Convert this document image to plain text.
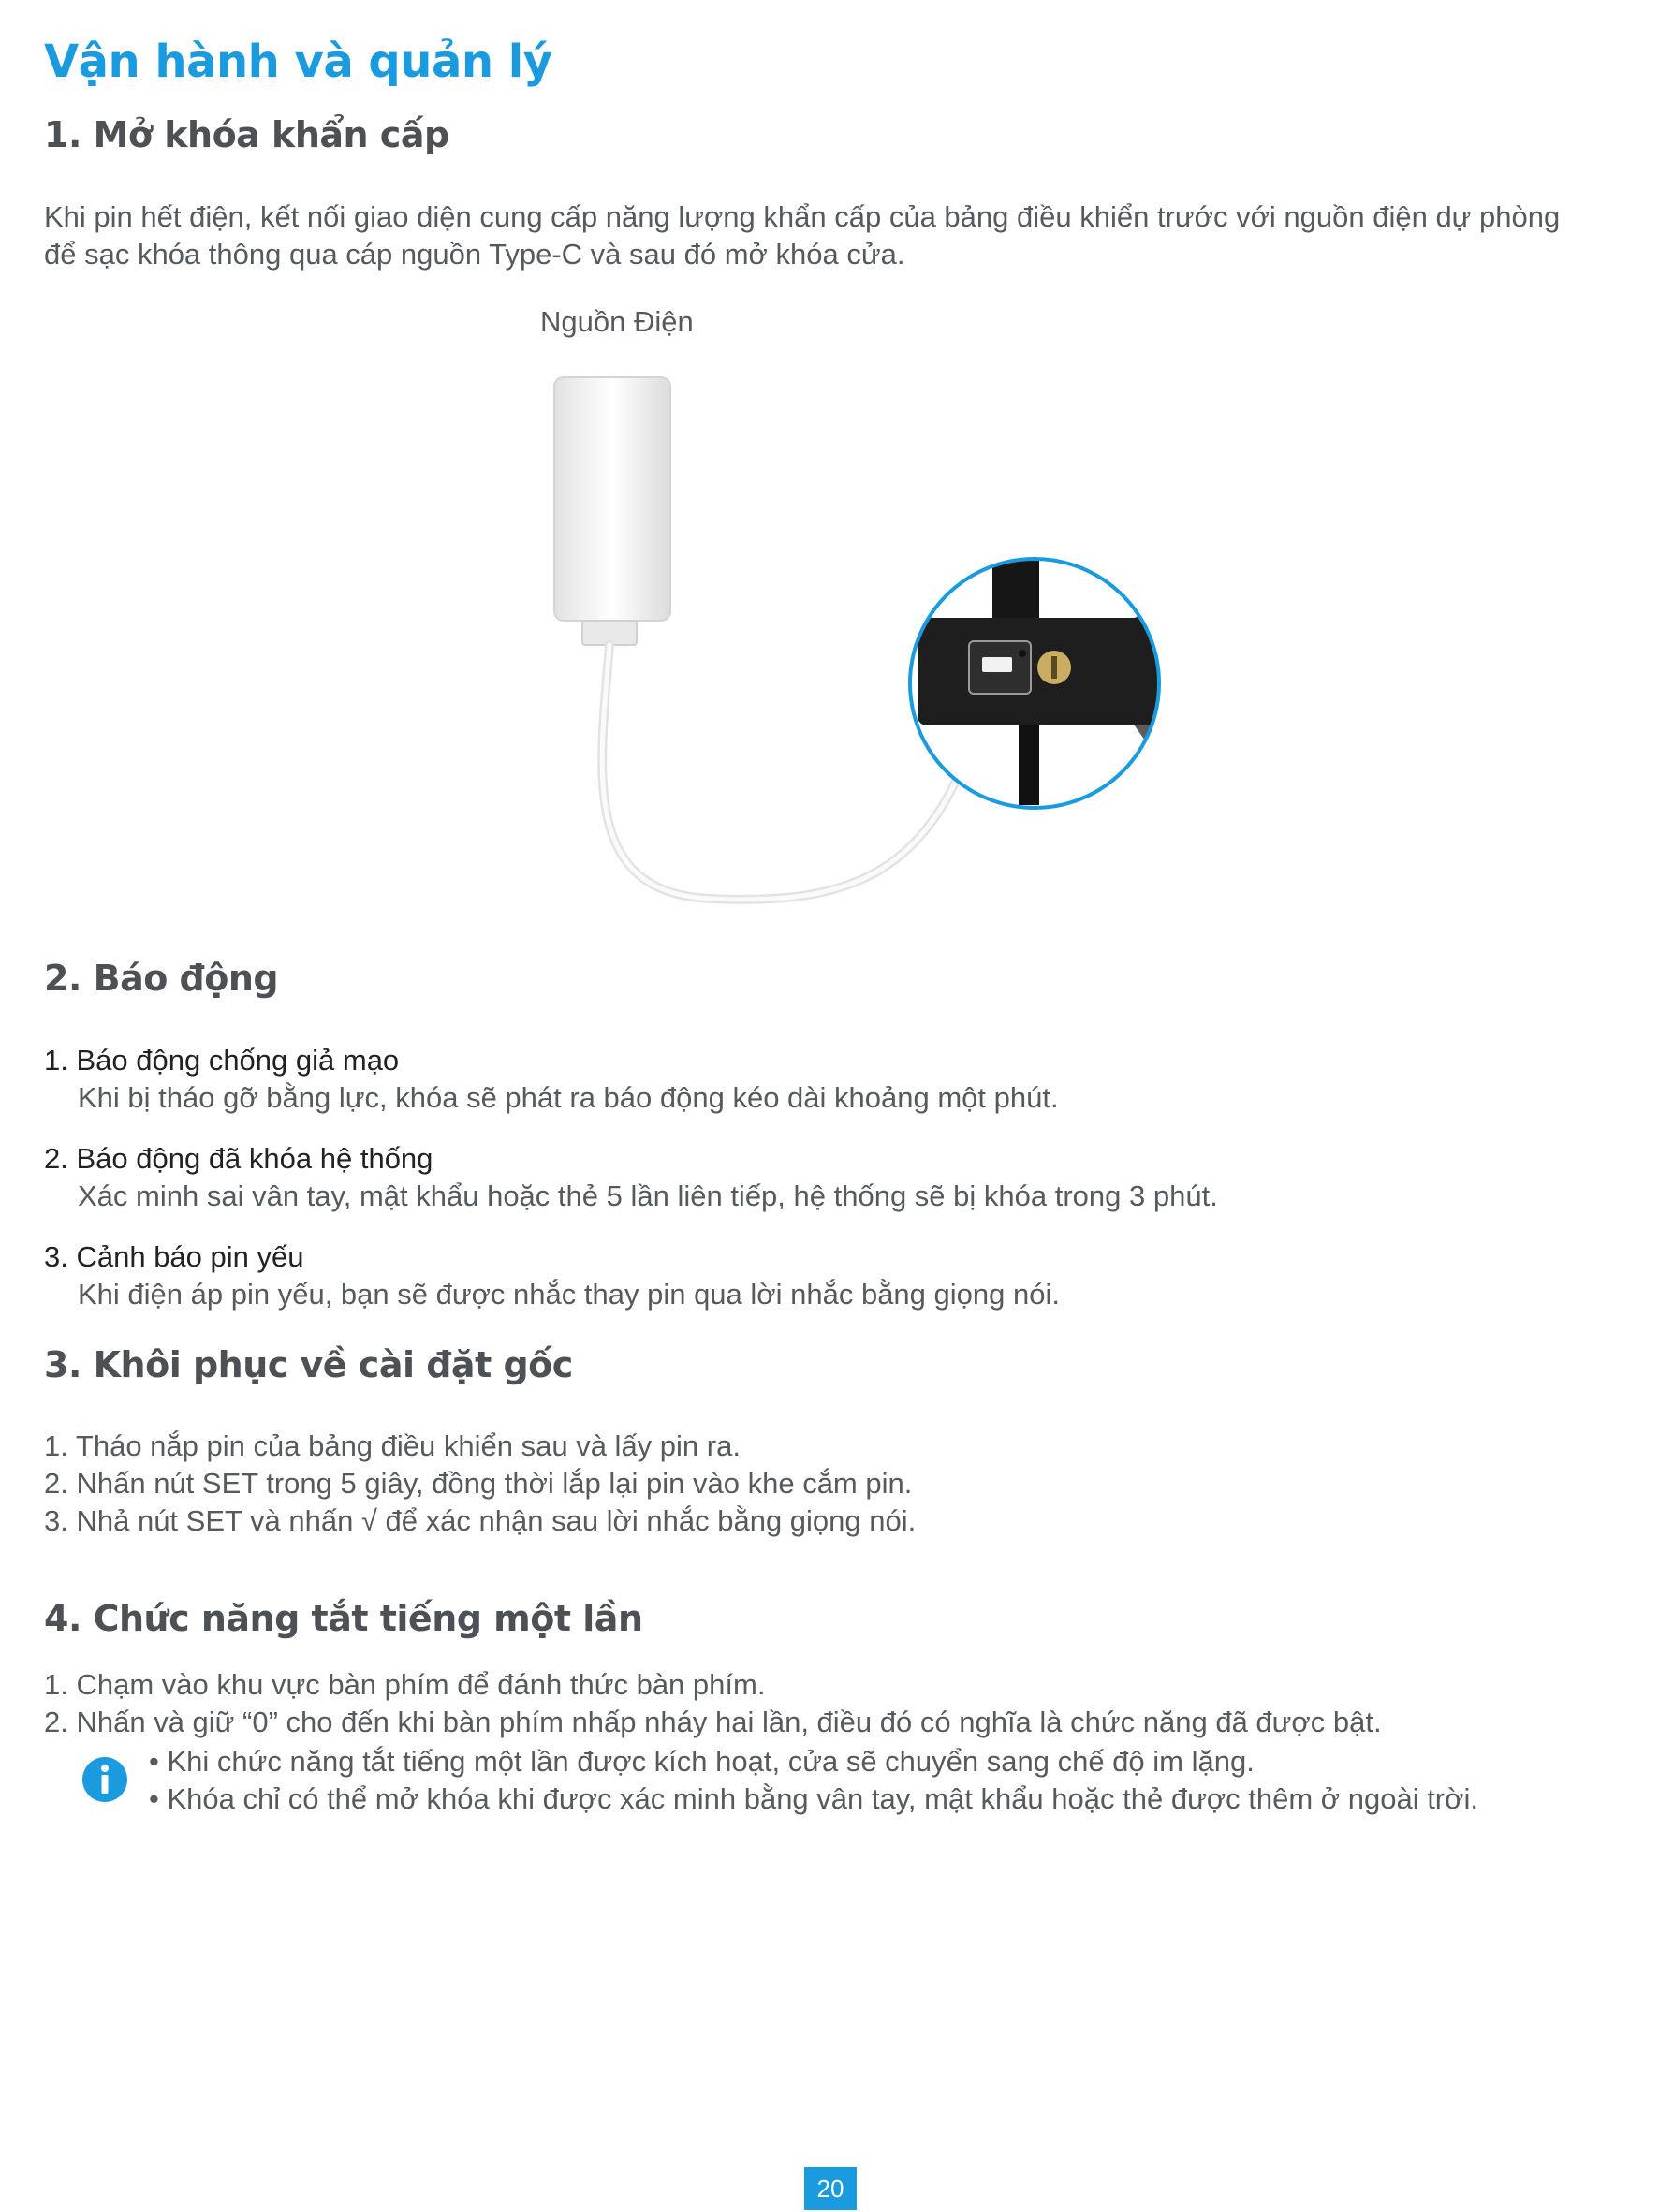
Vận hành và quản lý
1. Mở khóa khẩn cấp

Khi pin hết điện, kết nối giao diện cung cấp năng lượng khẩn cấp của bảng điều khiển trước với nguồn điện dự phòng

để sạc khóa thông qua cáp nguồn Type-C và sau đó mở khóa cửa.

Nguồn Điện
2. Báo động
1. Báo động chống giả mạo
Khi bị tháo gỡ bằng lực, khóa sẽ phát ra báo động kéo dài khoảng một phút.
2. Báo động đã khóa hệ thống
Xác minh sai vân tay, mật khẩu hoặc thẻ 5 lần liên tiếp, hệ thống sẽ bị khóa trong 3 phút.
3. Cảnh báo pin yếu
Khi điện áp pin yếu, bạn sẽ được nhắc thay pin qua lời nhắc bằng giọng nói.
3. Khôi phục về cài đặt gốc
1. Tháo nắp pin của bảng điều khiển sau và lấy pin ra.
2. Nhấn nút SET trong 5 giây, đồng thời lắp lại pin vào khe cắm pin.
3. Nhả nút SET và nhấn √ để xác nhận sau lời nhắc bằng giọng nói.
4. Chức năng tắt tiếng một lần
1. Chạm vào khu vực bàn phím để đánh thức bàn phím.
2. Nhấn và giữ “0” cho đến khi bàn phím nhấp nháy hai lần, điều đó có nghĩa là chức năng đã được bật.
• Khi chức năng tắt tiếng một lần được kích hoạt, cửa sẽ chuyển sang chế độ im lặng.
• Khóa chỉ có thể mở khóa khi được xác minh bằng vân tay, mật khẩu hoặc thẻ được thêm ở ngoài trời.
20
